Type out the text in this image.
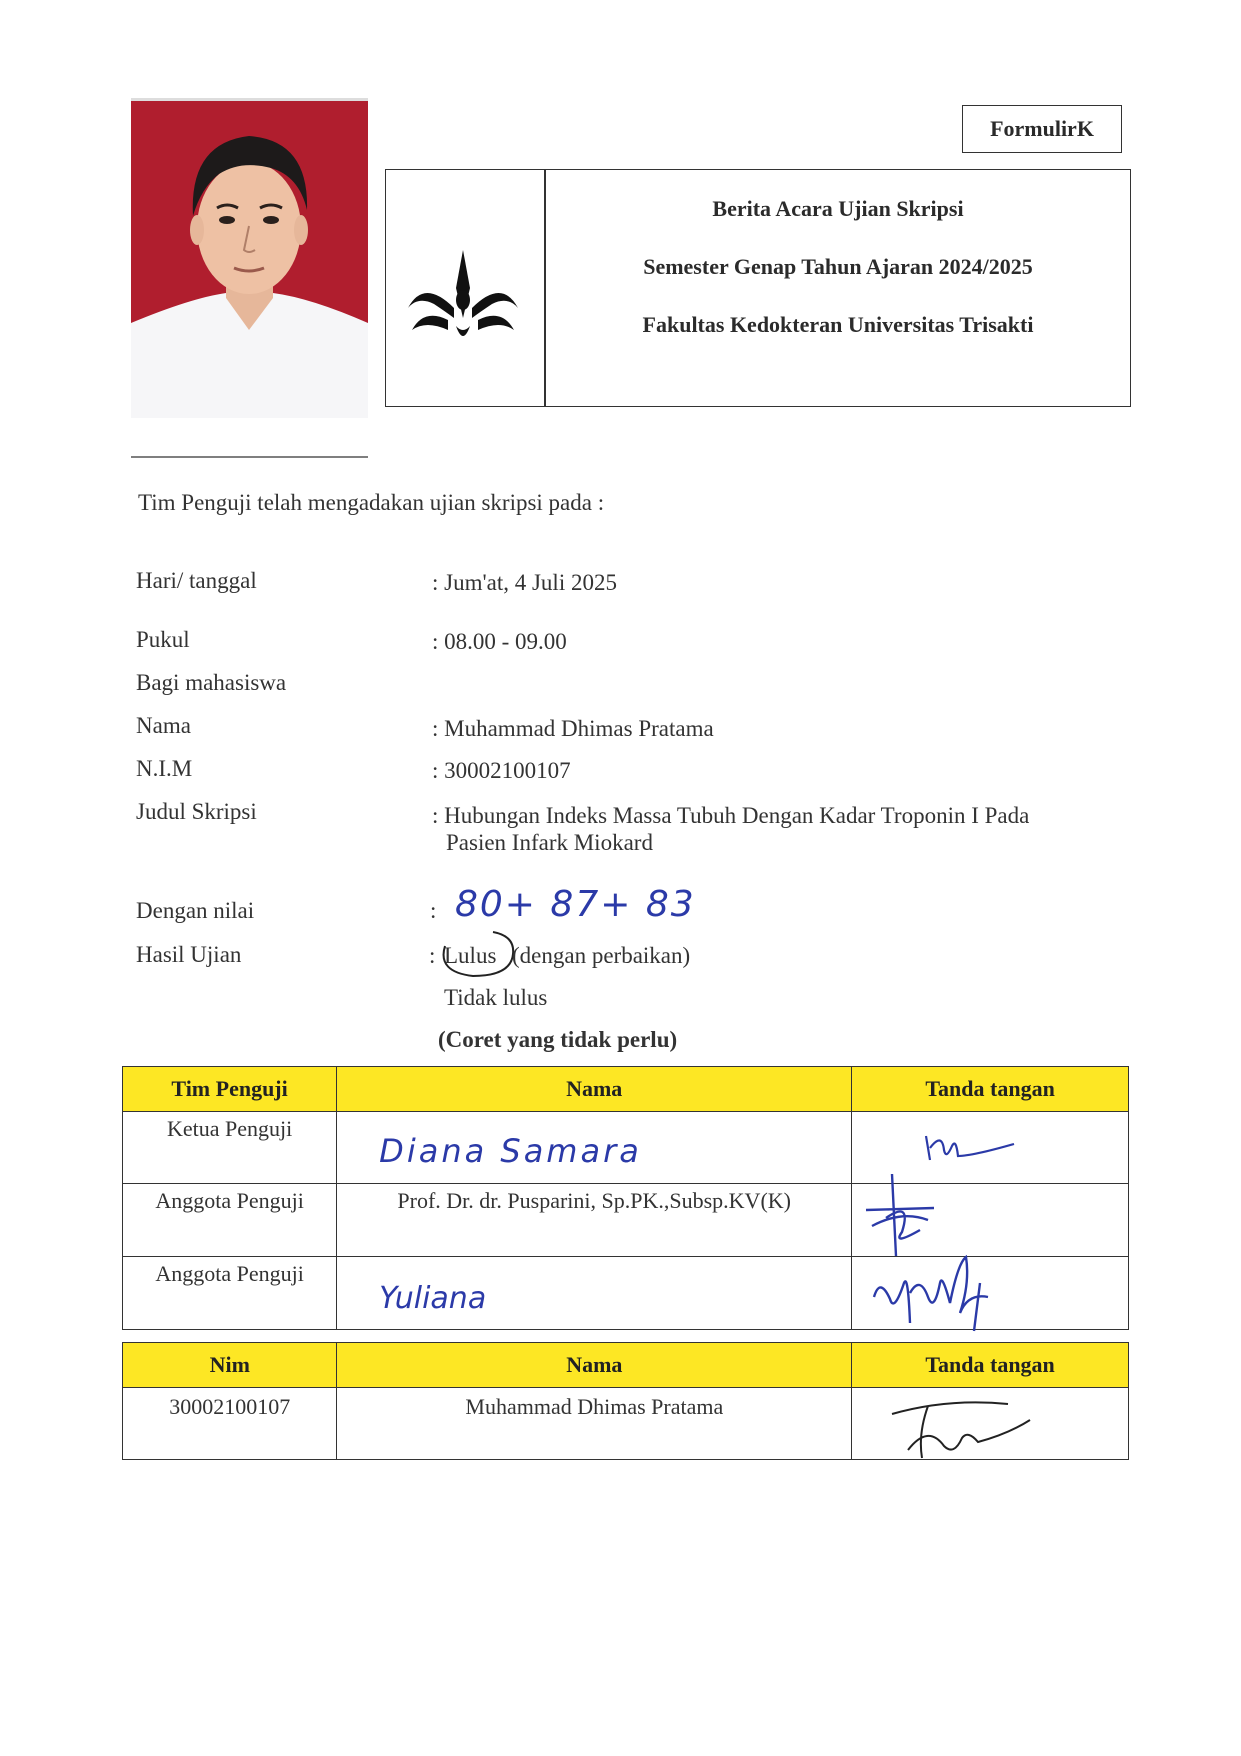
FormulirK
Berita Acara Ujian Skripsi
Semester Genap Tahun Ajaran 2024/2025
Fakultas Kedokteran Universitas Trisakti
Tim Penguji telah mengadakan ujian skripsi pada :
Hari/ tanggal	: Jum'at, 4 Juli 2025
Pukul	: 08.00 - 09.00
Bagi mahasiswa
Nama	: Muhammad Dhimas Pratama
N.I.M	: 30002100107
Judul Skripsi	: Hubungan Indeks Massa Tubuh Dengan Kadar Troponin I Pada
Pasien Infark Miokard
Dengan nilai	: 80+ 87+ 83
Hasil Ujian	: Lulus (dengan perbaikan)
Tidak lulus
(Coret yang tidak perlu)
Tim Penguji	Nama	Tanda tangan
Ketua Penguji	Diana Samara

Anggota Penguji	Prof. Dr. dr. Pusparini, Sp.PK.,Subsp.KV(K)	

Anggota Penguji	Yuliana

Nim	Nama	Tanda tangan
30002100107	Muhammad Dhimas Pratama	
